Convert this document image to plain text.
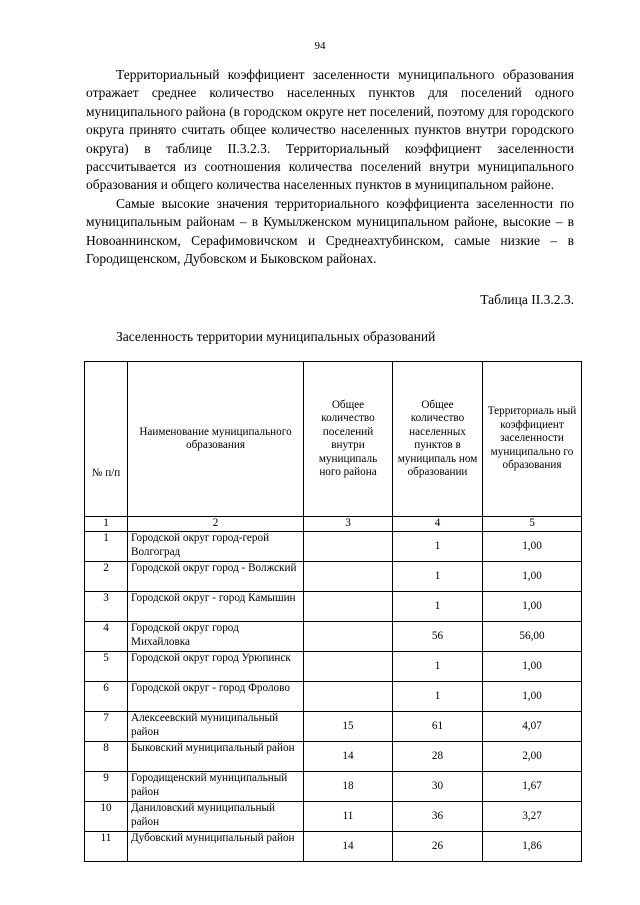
94

Территориальный коэффициент заселенности муниципального образования отражает среднее количество населенных пунктов для поселений одного муниципального района (в городском округе нет поселений, поэтому для городского округа принято считать общее количество населенных пунктов внутри городского округа) в таблице II.3.2.3. Территориальный коэффициент заселенности рассчитывается из соотношения количества поселений внутри муниципального образования и общего количества населенных пунктов в муниципальном районе.

Самые высокие значения территориального коэффициента заселенности по муниципальным районам – в Кумылженском муниципальном районе, высокие – в Новоаннинском, Серафимовичском и Среднеахтубинском, самые низкие – в Городищенском, Дубовском и Быковском районах.

Таблица II.3.2.3.
Заселенность территории муниципальных образований
№ п/п	Наименование муниципального образования	Общее количество поселений внутри муниципаль ного района	Общее количество населенных пунктов в муниципаль ном образовании	Территориаль ный коэффициент заселенности муниципально го образования
1	2	3	4	5
1	Городской округ город-герой Волгоград		1	1,00
2	Городской округ город - Волжский		1	1,00
3	Городской округ - город Камышин		1	1,00
4	Городской округ город Михайловка		56	56,00
5	Городской округ город Урюпинск		1	1,00
6	Городской округ - город Фролово		1	1,00
7	Алексеевский муниципальный район	15	61	4,07
8	Быковский муниципальный район	14	28	2,00
9	Городищенский муниципальный район	18	30	1,67
10	Даниловский муниципальный район	11	36	3,27
11	Дубовский муниципальный район	14	26	1,86
